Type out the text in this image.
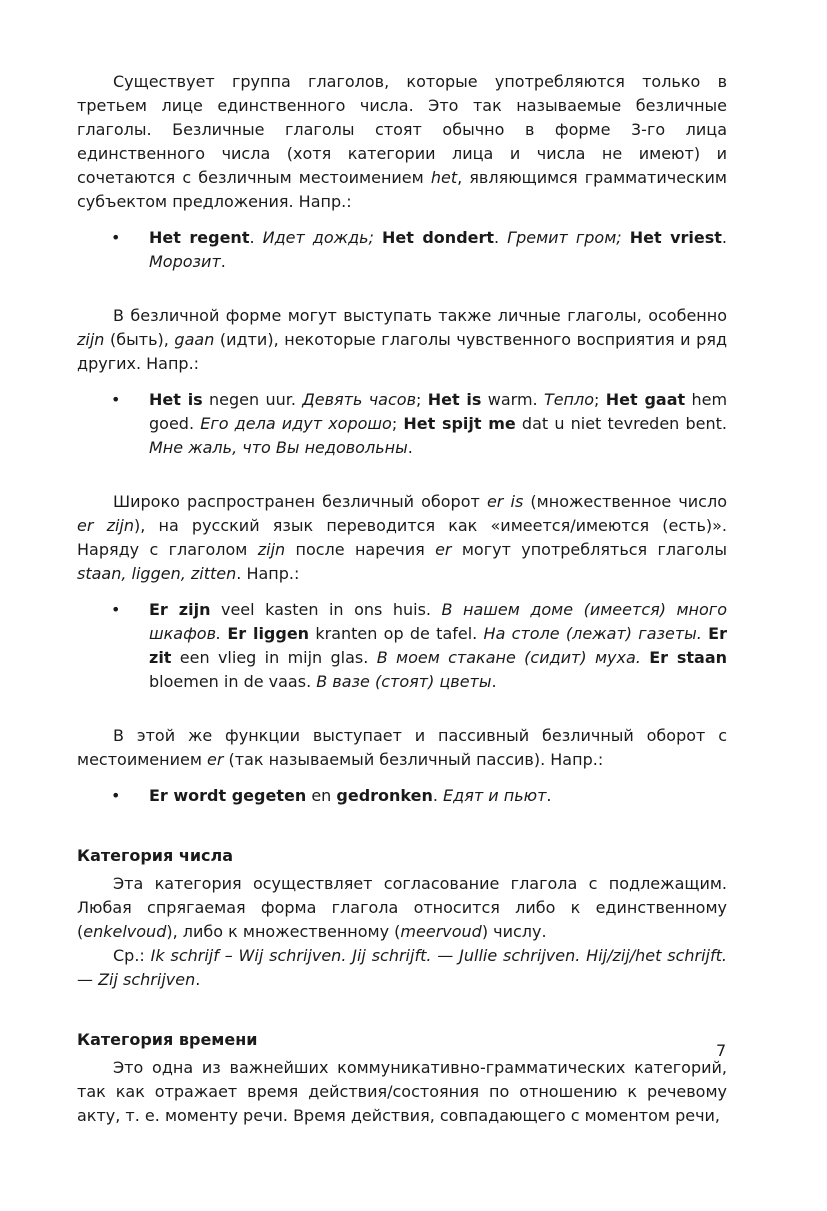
Существует группа глаголов, которые употребляются только в третьем лице единственного числа. Это так называемые безличные глаголы. Безличные глаголы стоят обычно в форме 3-го лица единственного числа (хотя категории лица и числа не имеют) и сочетаются с безличным местоимением het, являющимся грамматическим субъектом предложения. Напр.:

• Het regent. Идет дождь; Het dondert. Гремит гром; Het vriest. Морозит.

В безличной форме могут выступать также личные глаголы, особенно zijn (быть), gaan (идти), некоторые глаголы чувственного восприятия и ряд других. Напр.:

• Het is negen uur. Девять часов; Het is warm. Тепло; Het gaat hem goed. Его дела идут хорошо; Het spijt me dat u niet tevreden bent. Мне жаль, что Вы недовольны.

Широко распространен безличный оборот er is (множественное число er zijn), на русский язык переводится как «имеется/имеются (есть)». Наряду с глаголом zijn после наречия er могут употребляться глаголы staan, liggen, zitten. Напр.:

• Er zijn veel kasten in ons huis. В нашем доме (имеется) много шкафов. Er liggen kranten op de tafel. На столе (лежат) газеты. Er zit een vlieg in mijn glas. В моем стакане (сидит) муха. Er staan bloemen in de vaas. В вазе (стоят) цветы.

В этой же функции выступает и пассивный безличный оборот с местоимением er (так называемый безличный пассив). Напр.:

• Er wordt gegeten en gedronken. Едят и пьют.

Категория числа

Эта категория осуществляет согласование глагола с подлежащим. Любая спрягаемая форма глагола относится либо к единственному (enkelvoud), либо к множественному (meervoud) числу.

Ср.: Ik schrijf – Wij schrijven. Jij schrijft. — Jullie schrijven. Hij/zij/het schrijft. — Zij schrijven.

Категория времени

Это одна из важнейших коммуникативно-грамматических категорий, так как отражает время действия/состояния по отношению к речевому акту, т. е. моменту речи. Время действия, совпадающего с моментом речи,

7
